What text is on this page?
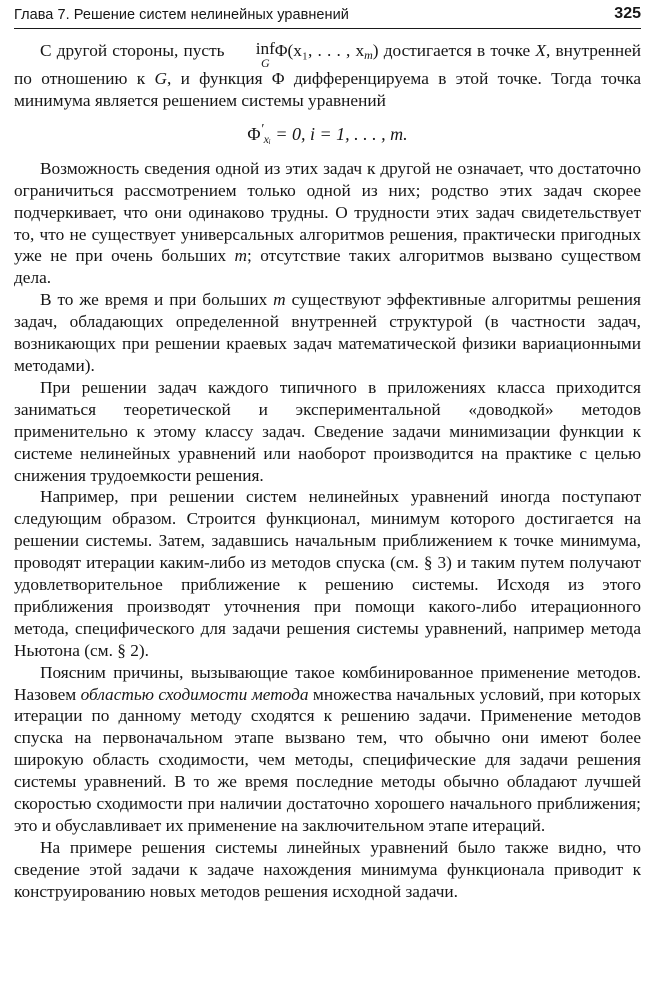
Глава 7. Решение систем нелинейных уравнений	325

С другой стороны, пусть inf
G
Φ(x₁, . . . , $x_m$) достигается в точке X, внутренней по отношению к G, и функция Φ дифференцируема в этой точке. Тогда точка минимума является решением системы уравнений

$\Phi'_{xᵢ} = 0$, i = 1, . . . , m.

Возможность сведения одной из этих задач к другой не означает, что достаточно ограничиться рассмотрением только одной из них; родство этих задач скорее подчеркивает, что они одинаково трудны. О трудности этих задач свидетельствует то, что не существует универсальных алгоритмов решения, практически пригодных уже не при очень больших m; отсутствие таких алгоритмов вызвано существом дела.

В то же время и при больших m существуют эффективные алгоритмы решения задач, обладающих определенной внутренней структурой (в частности задач, возникающих при решении краевых задач математической физики вариационными методами).

При решении задач каждого типичного в приложениях класса приходится заниматься теоретической и экспериментальной «доводкой» методов применительно к этому классу задач. Сведение задачи минимизации функции к системе нелинейных уравнений или наоборот производится на практике с целью снижения трудоемкости решения.

Например, при решении систем нелинейных уравнений иногда поступают следующим образом. Строится функционал, минимум которого достигается на решении системы. Затем, задавшись начальным приближением к точке минимума, проводят итерации каким-либо из методов спуска (см. § 3) и таким путем получают удовлетворительное приближение к решению системы. Исходя из этого приближения производят уточнения при помощи какого-либо итерационного метода, специфического для задачи решения системы уравнений, например метода Ньютона (см. § 2).

Поясним причины, вызывающие такое комбинированное применение методов. Назовем областью сходимости метода множества начальных условий, при которых итерации по данному методу сходятся к решению задачи. Применение методов спуска на первоначальном этапе вызвано тем, что обычно они имеют более широкую область сходимости, чем методы, специфические для задачи решения системы уравнений. В то же время последние методы обычно обладают лучшей скоростью сходимости при наличии достаточно хорошего начального приближения; это и обуславливает их применение на заключительном этапе итераций.

На примере решения системы линейных уравнений было также видно, что сведение этой задачи к задаче нахождения минимума функционала приводит к конструированию новых методов решения исходной задачи.
